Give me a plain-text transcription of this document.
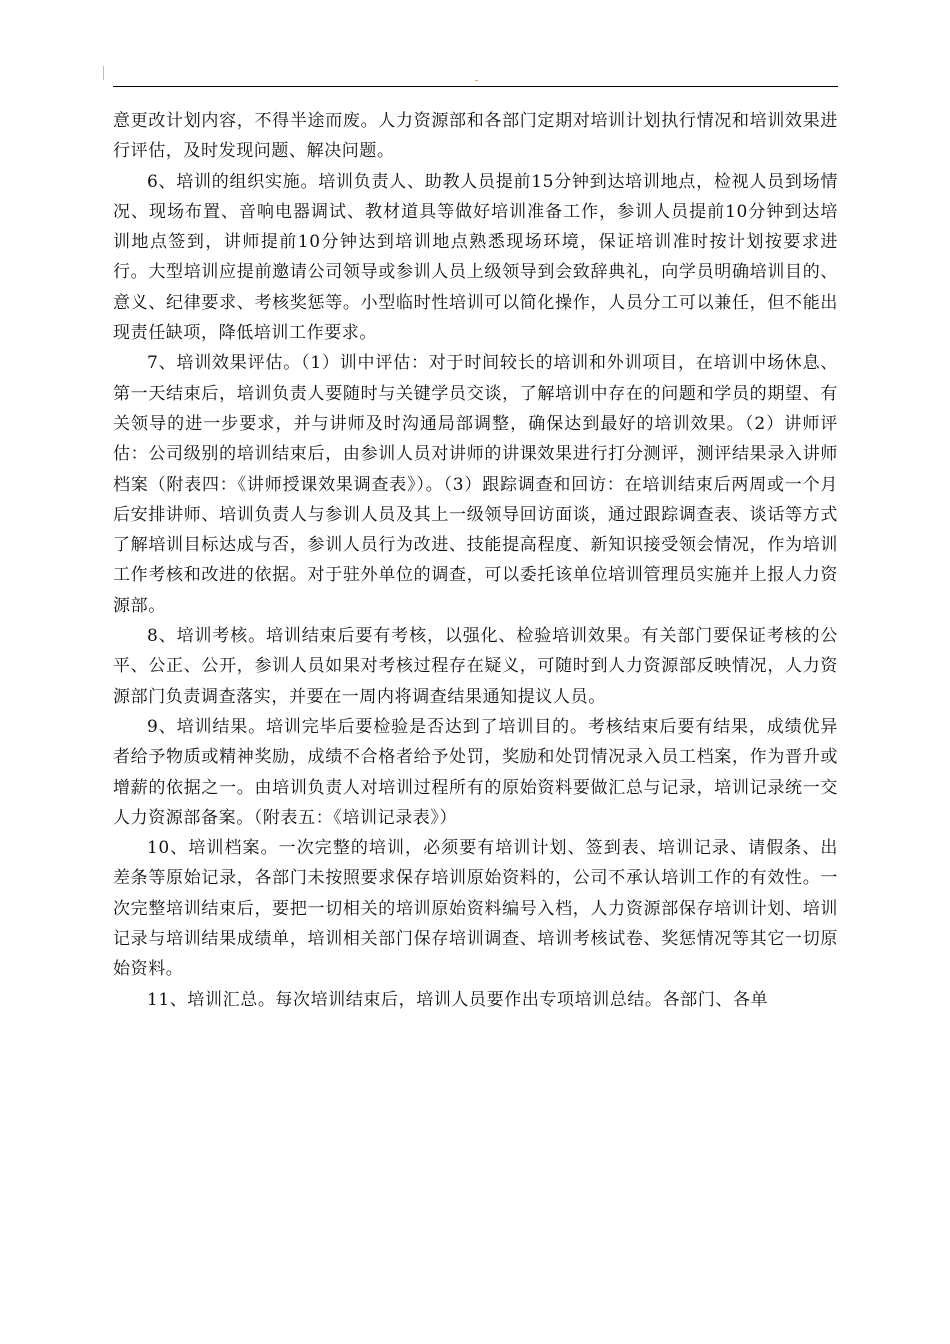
意更改计划内容，不得半途而废。人力资源部和各部门定期对培训计划执行情况和培训效果进行评估，及时发现问题、解决问题。

6、培训的组织实施。培训负责人、助教人员提前15分钟到达培训地点，检视人员到场情况、现场布置、音响电器调试、教材道具等做好培训准备工作，参训人员提前10分钟到达培训地点签到，讲师提前10分钟达到培训地点熟悉现场环境，保证培训准时按计划按要求进行。大型培训应提前邀请公司领导或参训人员上级领导到会致辞典礼，向学员明确培训目的、意义、纪律要求、考核奖惩等。小型临时性培训可以简化操作，人员分工可以兼任，但不能出现责任缺项，降低培训工作要求。

7、培训效果评估。（1）训中评估：对于时间较长的培训和外训项目，在培训中场休息、第一天结束后，培训负责人要随时与关键学员交谈，了解培训中存在的问题和学员的期望、有关领导的进一步要求，并与讲师及时沟通局部调整，确保达到最好的培训效果。（2）讲师评估：公司级别的培训结束后，由参训人员对讲师的讲课效果进行打分测评，测评结果录入讲师档案（附表四：《讲师授课效果调查表》）。（3）跟踪调查和回访：在培训结束后两周或一个月后安排讲师、培训负责人与参训人员及其上一级领导回访面谈，通过跟踪调查表、谈话等方式了解培训目标达成与否，参训人员行为改进、技能提高程度、新知识接受领会情况，作为培训工作考核和改进的依据。对于驻外单位的调查，可以委托该单位培训管理员实施并上报人力资源部。

8、培训考核。培训结束后要有考核，以强化、检验培训效果。有关部门要保证考核的公平、公正、公开，参训人员如果对考核过程存在疑义，可随时到人力资源部反映情况，人力资源部门负责调查落实，并要在一周内将调查结果通知提议人员。

9、培训结果。培训完毕后要检验是否达到了培训目的。考核结束后要有结果，成绩优异者给予物质或精神奖励，成绩不合格者给予处罚，奖励和处罚情况录入员工档案，作为晋升或增薪的依据之一。由培训负责人对培训过程所有的原始资料要做汇总与记录，培训记录统一交人力资源部备案。（附表五：《培训记录表》）

10、培训档案。一次完整的培训，必须要有培训计划、签到表、培训记录、请假条、出差条等原始记录，各部门未按照要求保存培训原始资料的，公司不承认培训工作的有效性。一次完整培训结束后，要把一切相关的培训原始资料编号入档，人力资源部保存培训计划、培训记录与培训结果成绩单，培训相关部门保存培训调查、培训考核试卷、奖惩情况等其它一切原始资料。

11、培训汇总。每次培训结束后，培训人员要作出专项培训总结。各部门、各单
